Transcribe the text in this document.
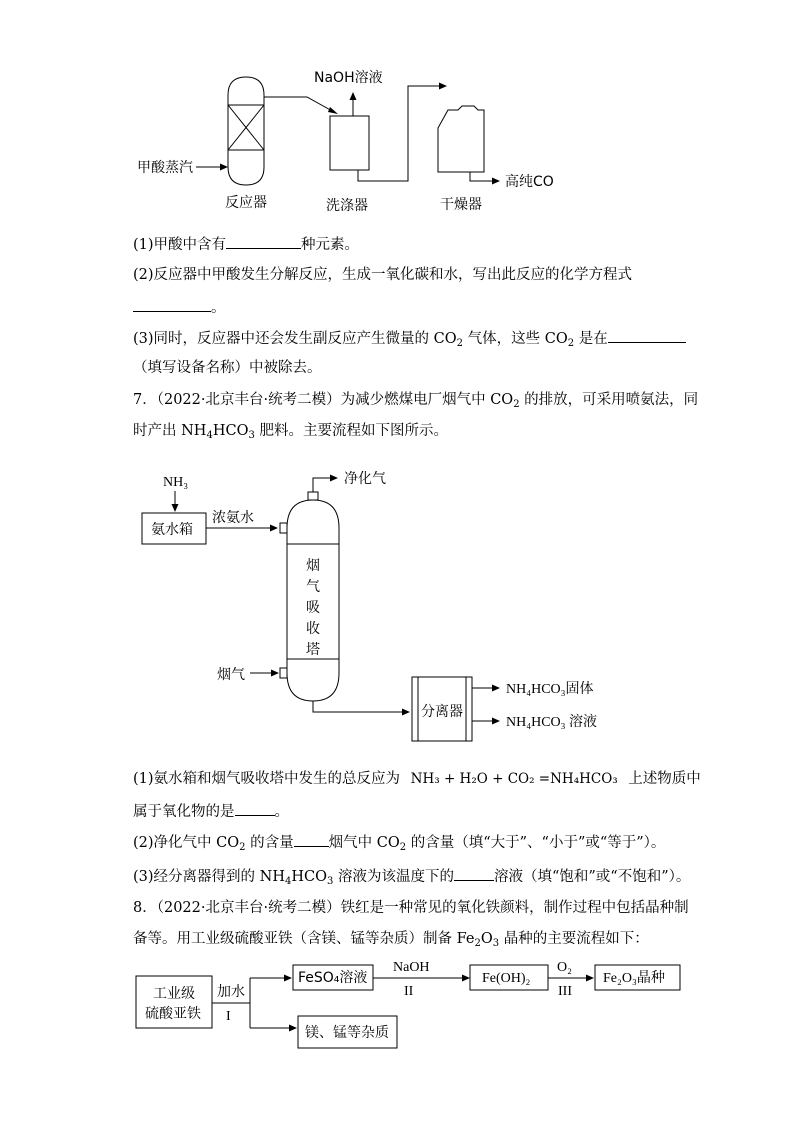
甲酸蒸汽
反应器
NaOH溶液
洗涤器
高纯CO
干燥器
NH₃
氨水箱
浓氨水
烟
气
吸
收
塔
净化气
烟气
分离器
NH₄HCO₃固体
NH₄HCO₃ 溶液
工业级
硫酸亚铁
加水
I
FeSO₄溶液
NaOH
II
Fe(OH)₂
O₂
III
Fe₂O₃晶种
镁、锰等杂质
(1)甲酸中含有	种元素。
(2)反应器中甲酸发生分解反应，生成一氧化碳和水，写出此反应的化学方程式
。
(3)同时，反应器中还会发生副反应产生微量的 $CO_2$ 气体，这些 $CO_2$ 是在
（填写设备名称）中被除去。
7．（2022·北京丰台·统考二模）为减少燃煤电厂烟气中 $CO_2$ 的排放，可采用喷氨法，同
时产出 $NH_4HCO_3$ 肥料。主要流程如下图所示。
(1)氨水箱和烟气吸收塔中发生的总反应为 NH₃ + H₂O + CO₂ =NH₄HCO₃ 上述物质中
属于氧化物的是	。
(2)净化气中 $CO_2$ 的含量 烟气中 $CO_2$ 的含量（填“大于”、“小于”或“等于”）。
(3)经分离器得到的 $NH_4HCO_3$ 溶液为该温度下的	溶液（填“饱和”或“不饱和”）。
8．（2022·北京丰台·统考二模）铁红是一种常见的氧化铁颜料，制作过程中包括晶种制
备等。用工业级硫酸亚铁（含镁、锰等杂质）制备 $Fe_2O_3$ 晶种的主要流程如下：
